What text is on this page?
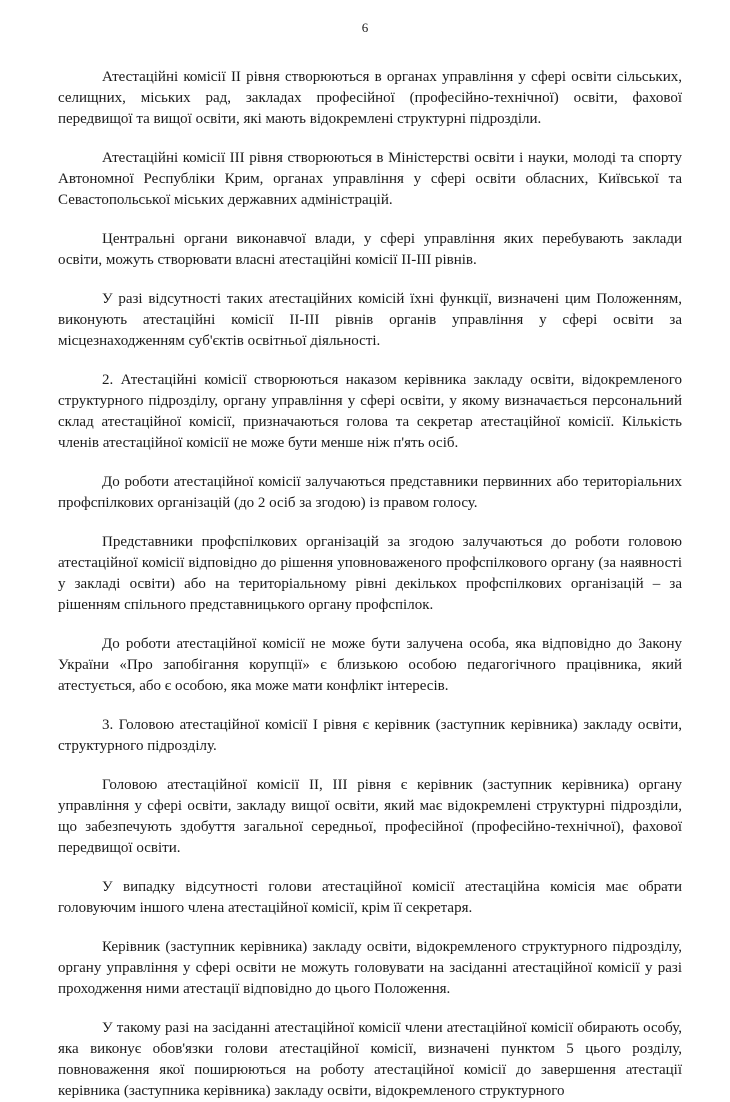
6

Атестаційні комісії ІІ рівня створюються в органах управління у сфері освіти сільських, селищних, міських рад, закладах професійної (професійно-технічної) освіти, фахової передвищої та вищої освіти, які мають відокремлені структурні підрозділи.

Атестаційні комісії ІІІ рівня створюються в Міністерстві освіти і науки, молоді та спорту Автономної Республіки Крим, органах управління у сфері освіти обласних, Київської та Севастопольської міських державних адміністрацій.

Центральні органи виконавчої влади, у сфері управління яких перебувають заклади освіти, можуть створювати власні атестаційні комісії ІІ-ІІІ рівнів.

У разі відсутності таких атестаційних комісій їхні функції, визначені цим Положенням, виконують атестаційні комісії ІІ-ІІІ рівнів органів управління у сфері освіти за місцезнаходженням суб'єктів освітньої діяльності.

2. Атестаційні комісії створюються наказом керівника закладу освіти, відокремленого структурного підрозділу, органу управління у сфері освіти, у якому визначається персональний склад атестаційної комісії, призначаються голова та секретар атестаційної комісії. Кількість членів атестаційної комісії не може бути менше ніж п'ять осіб.

До роботи атестаційної комісії залучаються представники первинних або територіальних профспілкових організацій (до 2 осіб за згодою) із правом голосу.

Представники профспілкових організацій за згодою залучаються до роботи головою атестаційної комісії відповідно до рішення уповноваженого профспілкового органу (за наявності у закладі освіти) або на територіальному рівні декількох профспілкових організацій – за рішенням спільного представницького органу профспілок.

До роботи атестаційної комісії не може бути залучена особа, яка відповідно до Закону України «Про запобігання корупції» є близькою особою педагогічного працівника, який атестується, або є особою, яка може мати конфлікт інтересів.

3. Головою атестаційної комісії І рівня є керівник (заступник керівника) закладу освіти, структурного підрозділу.

Головою атестаційної комісії ІІ, ІІІ рівня є керівник (заступник керівника) органу управління у сфері освіти, закладу вищої освіти, який має відокремлені структурні підрозділи, що забезпечують здобуття загальної середньої, професійної (професійно-технічної), фахової передвищої освіти.

У випадку відсутності голови атестаційної комісії атестаційна комісія має обрати головуючим іншого члена атестаційної комісії, крім її секретаря.

Керівник (заступник керівника) закладу освіти, відокремленого структурного підрозділу, органу управління у сфері освіти не можуть головувати на засіданні атестаційної комісії у разі проходження ними атестації відповідно до цього Положення.

У такому разі на засіданні атестаційної комісії члени атестаційної комісії обирають особу, яка виконує обов'язки голови атестаційної комісії, визначені пунктом 5 цього розділу, повноваження якої поширюються на роботу атестаційної комісії до завершення атестації керівника (заступника керівника) закладу освіти, відокремленого структурного
